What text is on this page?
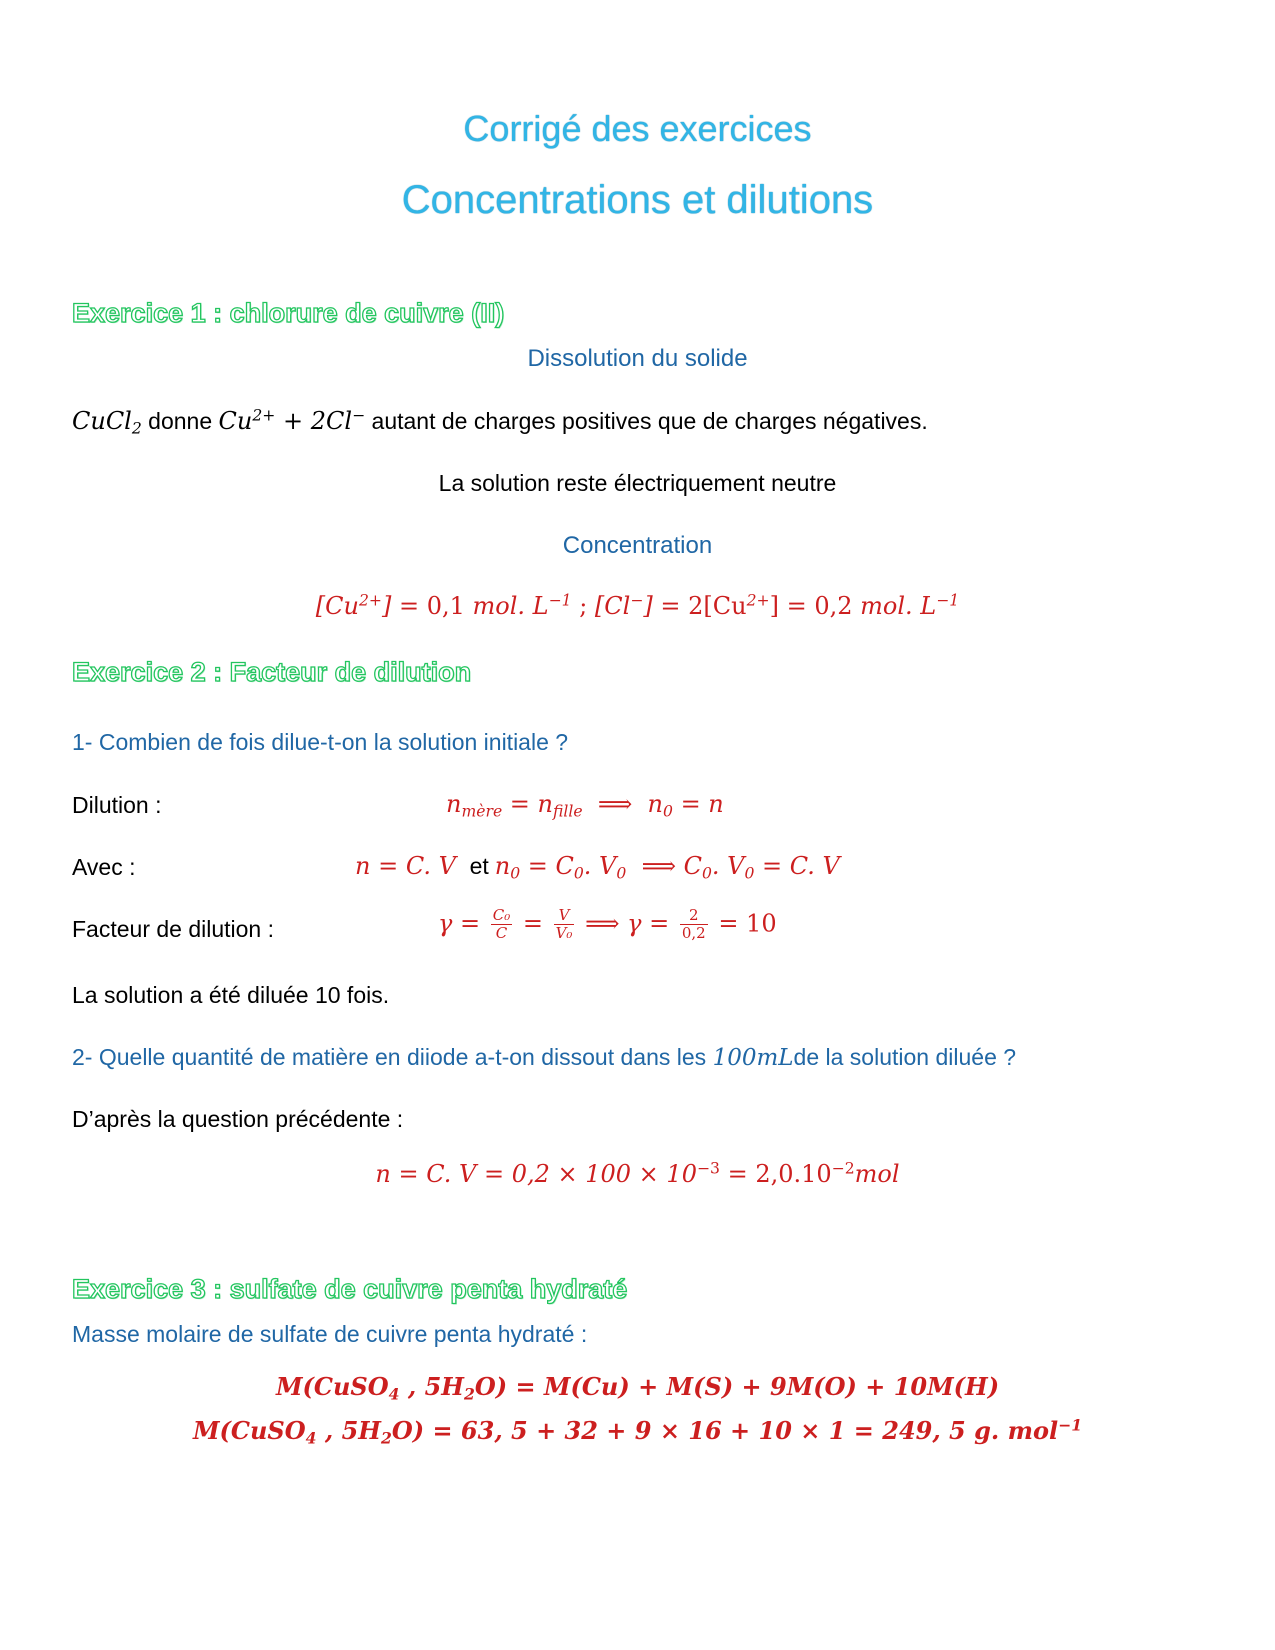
Corrigé des exercices
Concentrations et dilutions
Exercice 1 : chlorure de cuivre (II)
Dissolution du solide
CuCl$_2$ donne $Cu^{2+} + 2Cl^-$ autant de charges positives que de charges négatives.
La solution reste électriquement neutre
Concentration
$[Cu^{2+}] = 0,1$ mol. $L^{-1}$ ; $[Cl^-] = 2[Cu^{2+}] = 0,2$ mol. $L^{-1}$
Exercice 2 : Facteur de dilution
1- Combien de fois dilue-t-on la solution initiale ?
Dilution :	$n_{mère} = n_{fille}$  ⟹  $n_0 = n$
Avec :	n = C. V et $n_0 = C_0$. $V_0$  ⟹ $C_0$. $V_0 = C$. V
Facteur de dilution :	$\gamma = \frac{\text{C₀}}{C} = \frac{V}{\text{V₀}}$ ⟹ $\gamma = \frac{2}{0,2} = 10$
La solution a été diluée 10 fois.
2- Quelle quantité de matière en diiode a-t-on dissout dans les 100mLde la solution diluée ?
D’après la question précédente :
n = C. $V = 0,2 \times 100 \times 10^{-3} = 2,0.10^{-2}mol$
Exercice 3 : sulfate de cuivre penta hydraté
Masse molaire de sulfate de cuivre penta hydraté :
M(CuSO$_4$ , $5H_2O) = M(Cu) + M(S) + 9M(O) + 10M(H)$
M(CuSO$_4$ , $5H_2O) = 63$, 5 + 32 + 9 × 16 + 10 × 1 = 249, 5 g. mol$^{-1}$
